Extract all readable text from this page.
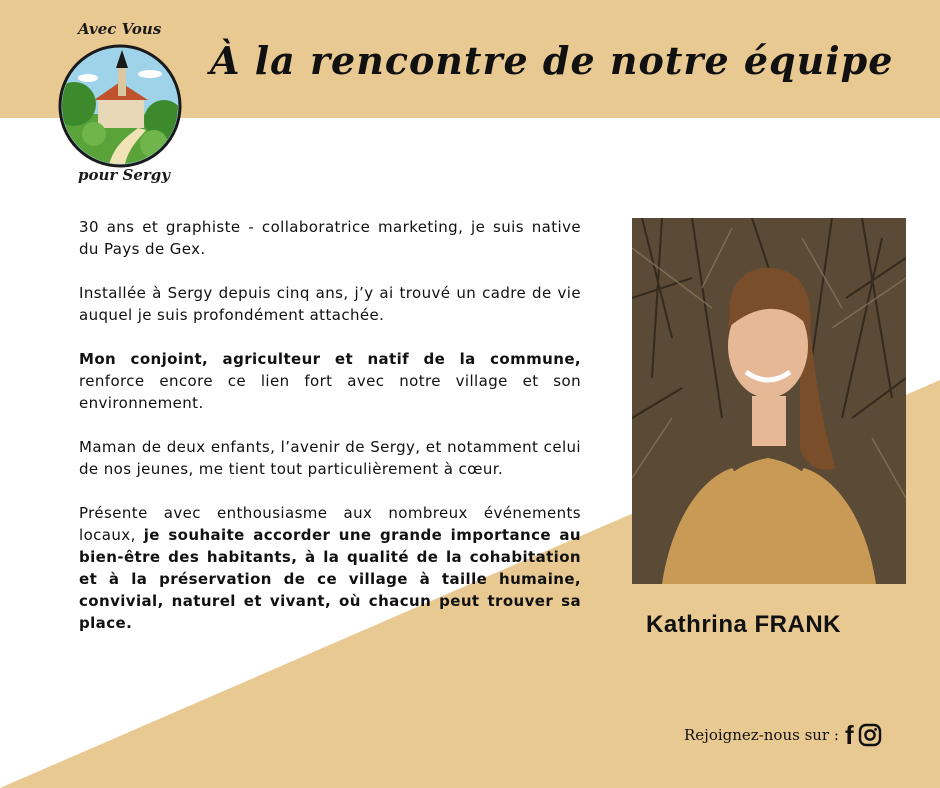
Avec Vous
pour Sergy
À la rencontre de notre équipe

30 ans et graphiste - collaboratrice marketing, je suis native du Pays de Gex.

Installée à Sergy depuis cinq ans, j’y ai trouvé un cadre de vie auquel je suis profondément attachée.

Mon conjoint, agriculteur et natif de la commune, renforce encore ce lien fort avec notre village et son environnement.

Maman de deux enfants, l’avenir de Sergy, et notamment celui de nos jeunes, me tient tout particulièrement à cœur.

Présente avec enthousiasme aux nombreux événements locaux, je souhaite accorder une grande importance au bien-être des habitants, à la qualité de la cohabitation et à la préservation de ce village à taille humaine, convivial, naturel et vivant, où chacun peut trouver sa place.	Kathrina FRANK
Rejoignez-nous sur : f
